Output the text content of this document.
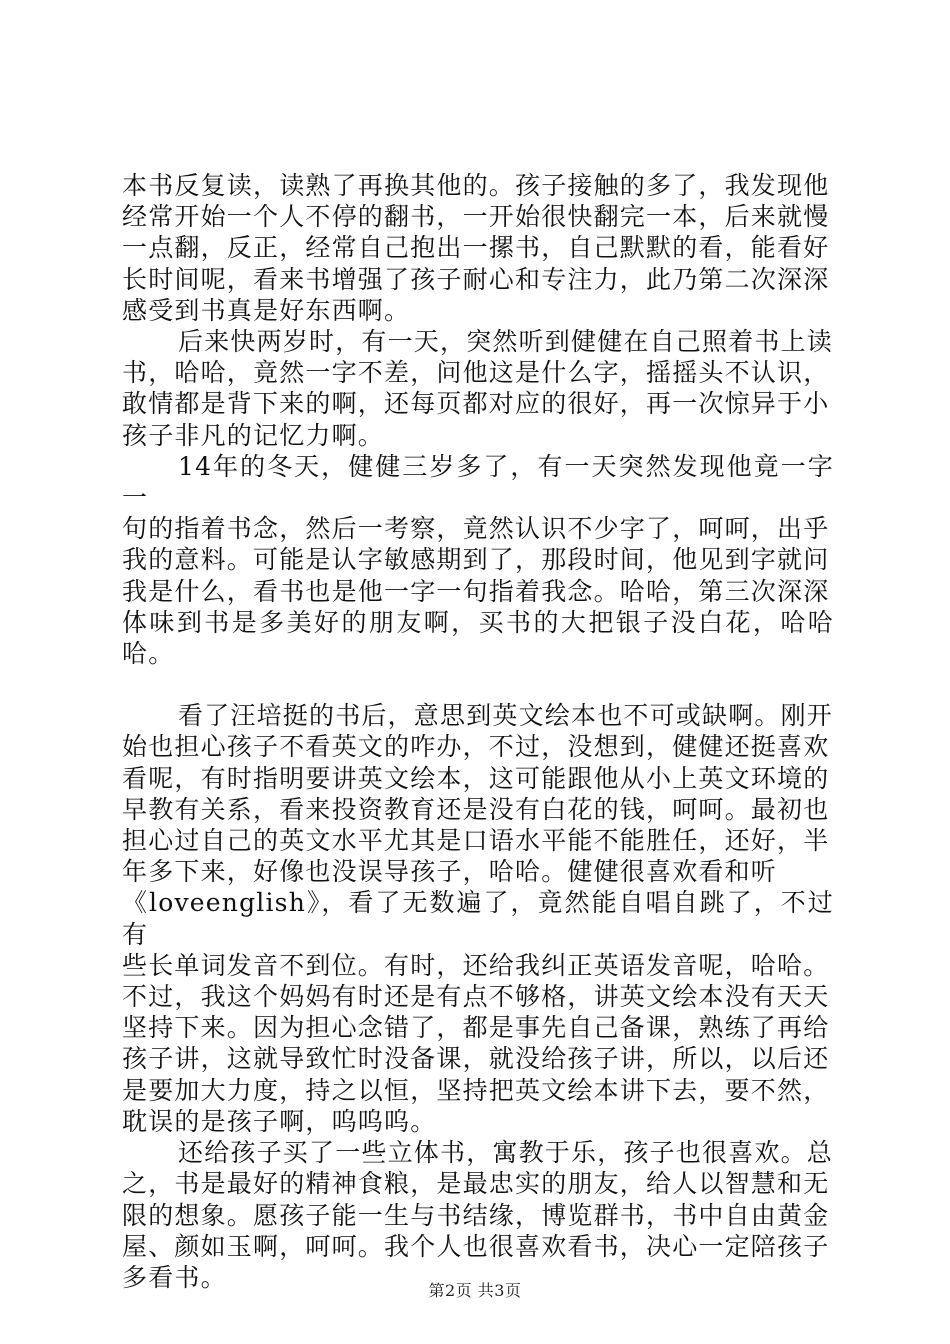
本书反复读，读熟了再换其他的。孩子接触的多了，我发现他
经常开始一个人不停的翻书，一开始很快翻完一本，后来就慢
一点翻，反正，经常自己抱出一摞书，自己默默的看，能看好
长时间呢，看来书增强了孩子耐心和专注力，此乃第二次深深
感受到书真是好东西啊。

后来快两岁时，有一天，突然听到健健在自己照着书上读
书，哈哈，竟然一字不差，问他这是什么字，摇摇头不认识，
敢情都是背下来的啊，还每页都对应的很好，再一次惊异于小
孩子非凡的记忆力啊。

14年的冬天，健健三岁多了，有一天突然发现他竟一字一
句的指着书念，然后一考察，竟然认识不少字了，呵呵，出乎
我的意料。可能是认字敏感期到了，那段时间，他见到字就问
我是什么，看书也是他一字一句指着我念。哈哈，第三次深深
体味到书是多美好的朋友啊，买书的大把银子没白花，哈哈哈。

看了汪培挺的书后，意思到英文绘本也不可或缺啊。刚开
始也担心孩子不看英文的咋办，不过，没想到，健健还挺喜欢
看呢，有时指明要讲英文绘本，这可能跟他从小上英文环境的
早教有关系，看来投资教育还是没有白花的钱，呵呵。最初也
担心过自己的英文水平尤其是口语水平能不能胜任，还好，半
年多下来，好像也没误导孩子，哈哈。健健很喜欢看和听
《loveenglish》，看了无数遍了，竟然能自唱自跳了，不过有
些长单词发音不到位。有时，还给我纠正英语发音呢，哈哈。
不过，我这个妈妈有时还是有点不够格，讲英文绘本没有天天
坚持下来。因为担心念错了，都是事先自己备课，熟练了再给
孩子讲，这就导致忙时没备课，就没给孩子讲，所以，以后还
是要加大力度，持之以恒，坚持把英文绘本讲下去，要不然，
耽误的是孩子啊，呜呜呜。

还给孩子买了一些立体书，寓教于乐，孩子也很喜欢。总
之，书是最好的精神食粮，是最忠实的朋友，给人以智慧和无
限的想象。愿孩子能一生与书结缘，博览群书，书中自由黄金
屋、颜如玉啊，呵呵。我个人也很喜欢看书，决心一定陪孩子
多看书。	第2页 共3页
